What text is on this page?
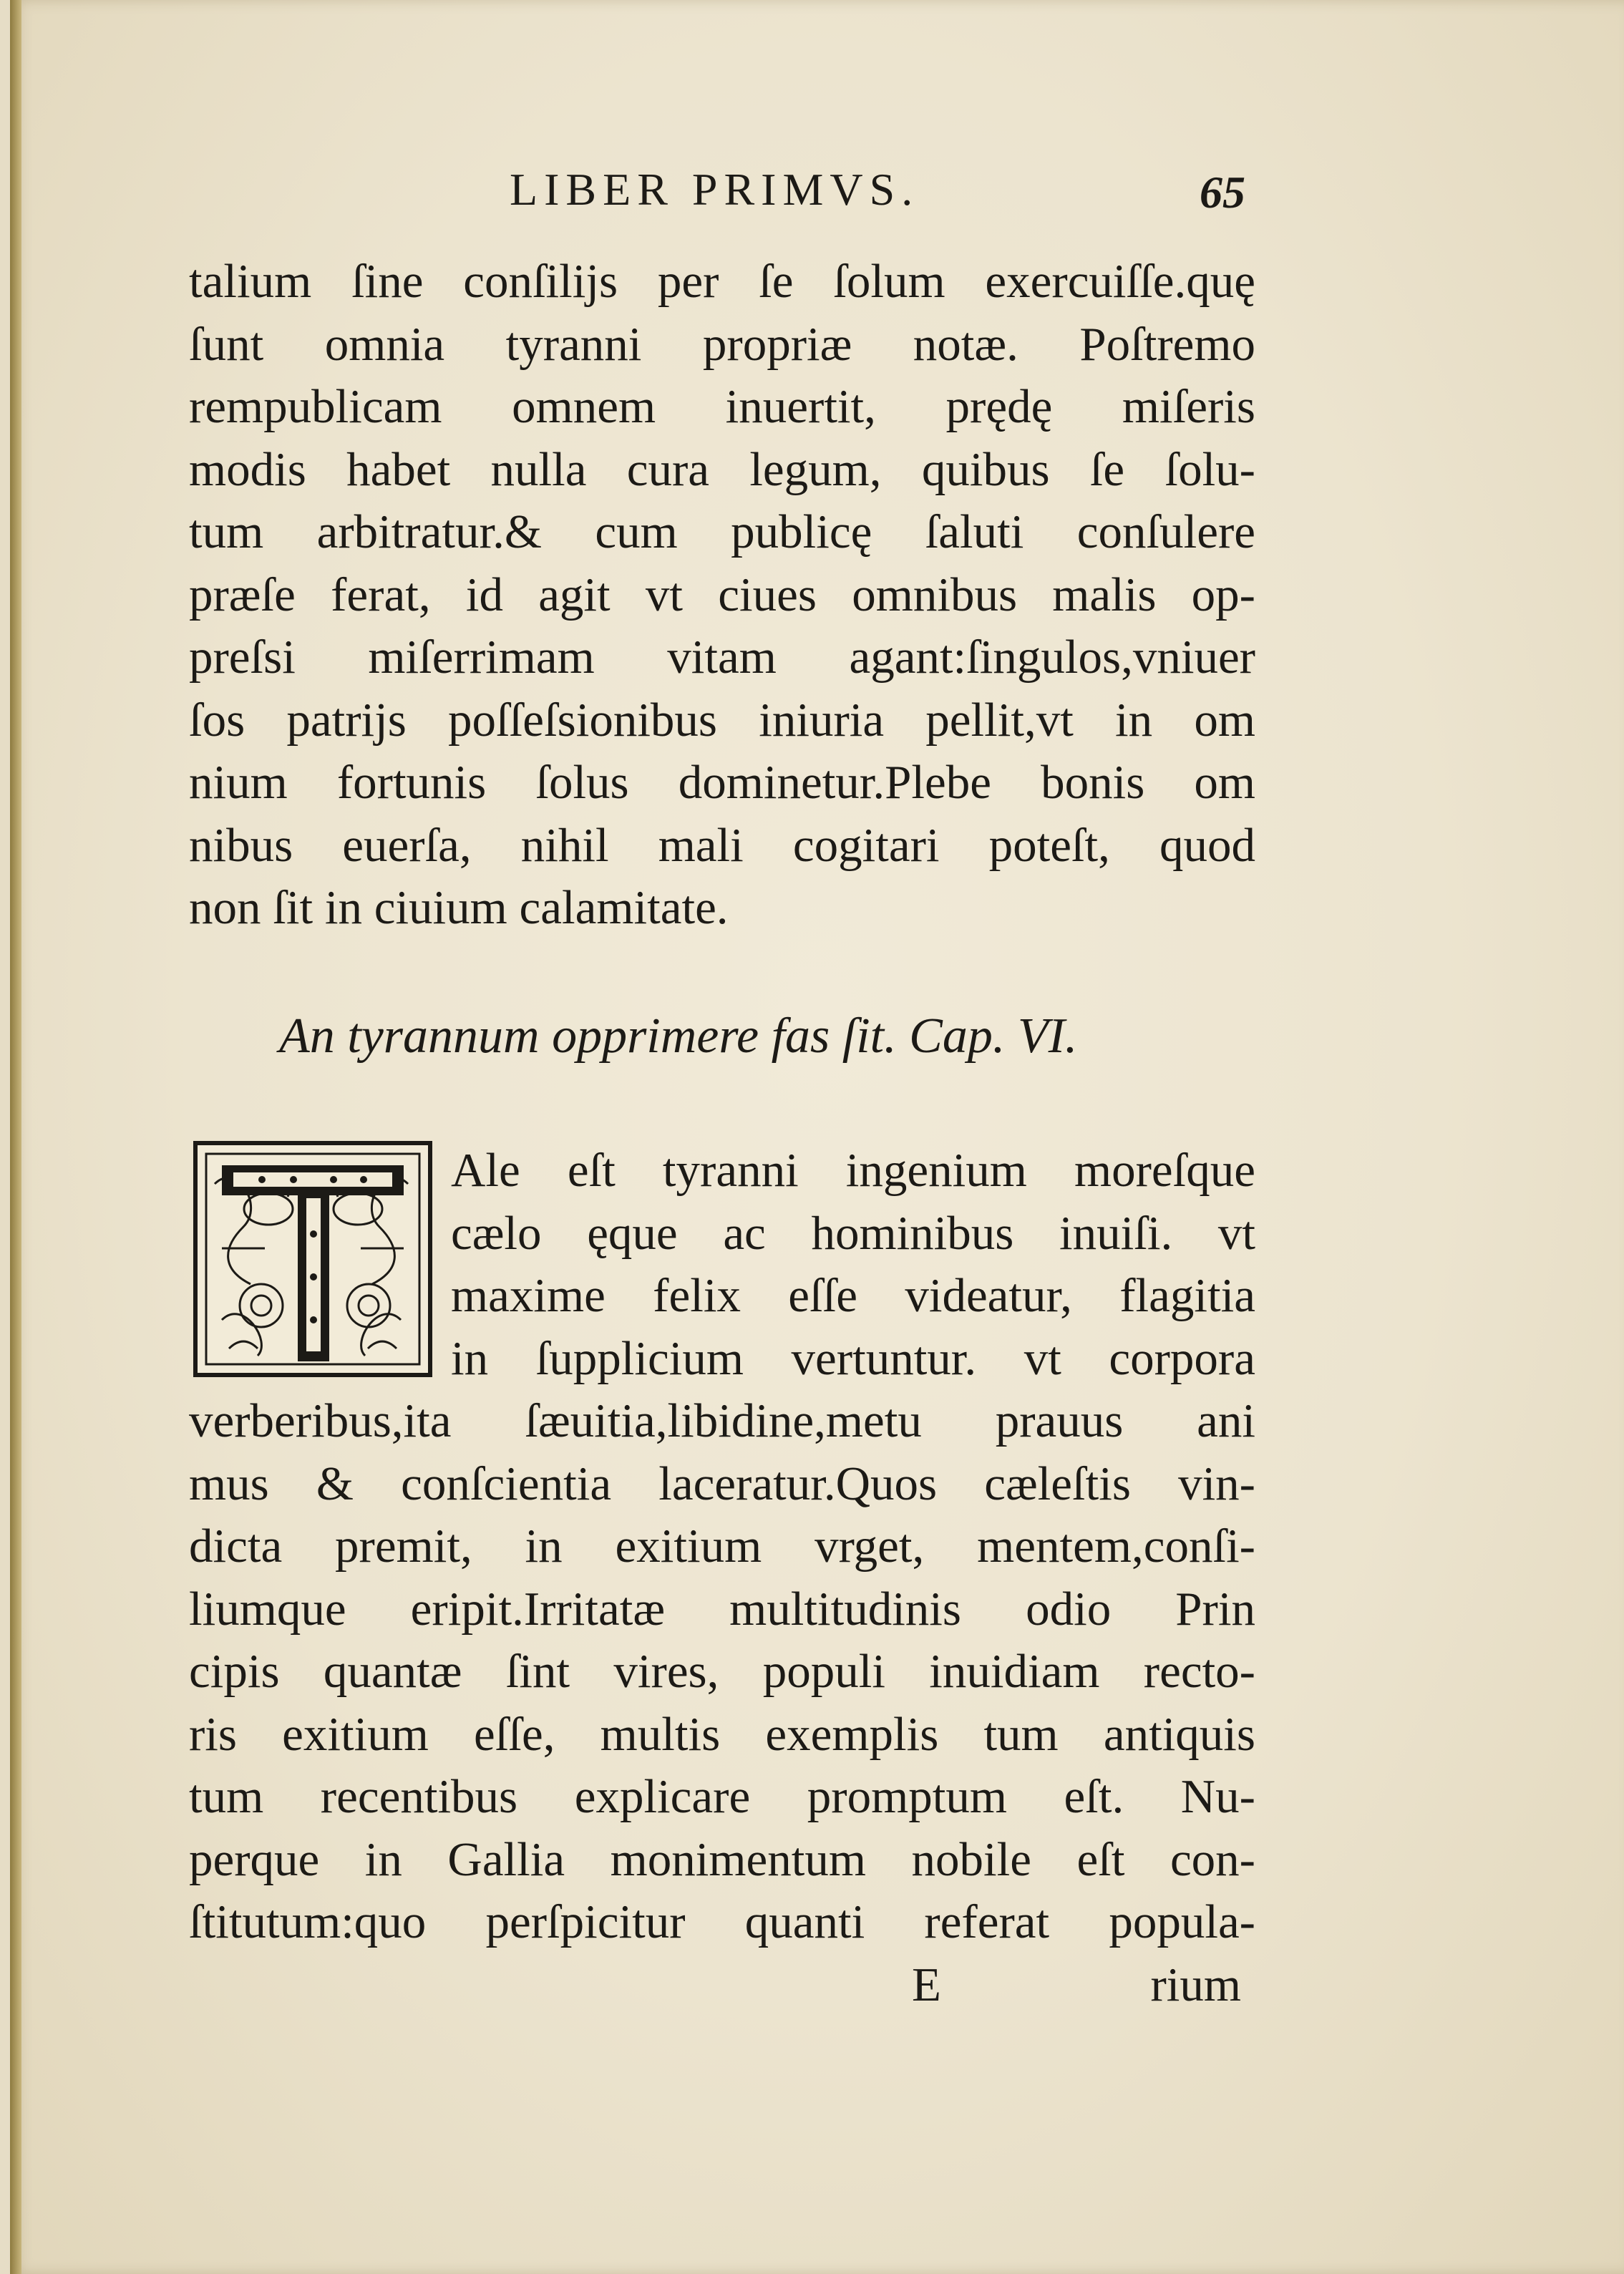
LIBER PRIMVS.	65
talium ſine conſilijs per ſe ſolum exercuiſſe.quę
ſunt omnia tyranni propriæ notæ. Poſtremo
rempublicam omnem inuertit, prędę miſeris
modis habet nulla cura legum, quibus ſe ſolu-
tum arbitratur.& cum publicę ſaluti conſulere
præſe ferat, id agit vt ciues omnibus malis op-
preſsi miſerrimam vitam agant:ſingulos,vniuer
ſos patrijs poſſeſsionibus iniuria pellit,vt in om
nium fortunis ſolus dominetur.Plebe bonis om
nibus euerſa, nihil mali cogitari poteſt, quod
non ſit in ciuium calamitate.
An tyrannum opprimere fas ſit. Cap. VI.
Ale eſt tyranni ingenium moreſque
cælo ęque ac hominibus inuiſi. vt
maxime felix eſſe videatur, flagitia
in ſupplicium vertuntur. vt corpora
verberibus,ita ſæuitia,libidine,metu prauus ani
mus & conſcientia laceratur.Quos cæleſtis vin-
dicta premit, in exitium vrget, mentem,conſi-
liumque eripit.Irritatæ multitudinis odio Prin
cipis quantæ ſint vires, populi inuidiam recto-
ris exitium eſſe, multis exemplis tum antiquis
tum recentibus explicare promptum eſt. Nu-
perque in Gallia monimentum nobile eſt con-
ſtitutum:quo perſpicitur quanti referat popula-
E	rium
